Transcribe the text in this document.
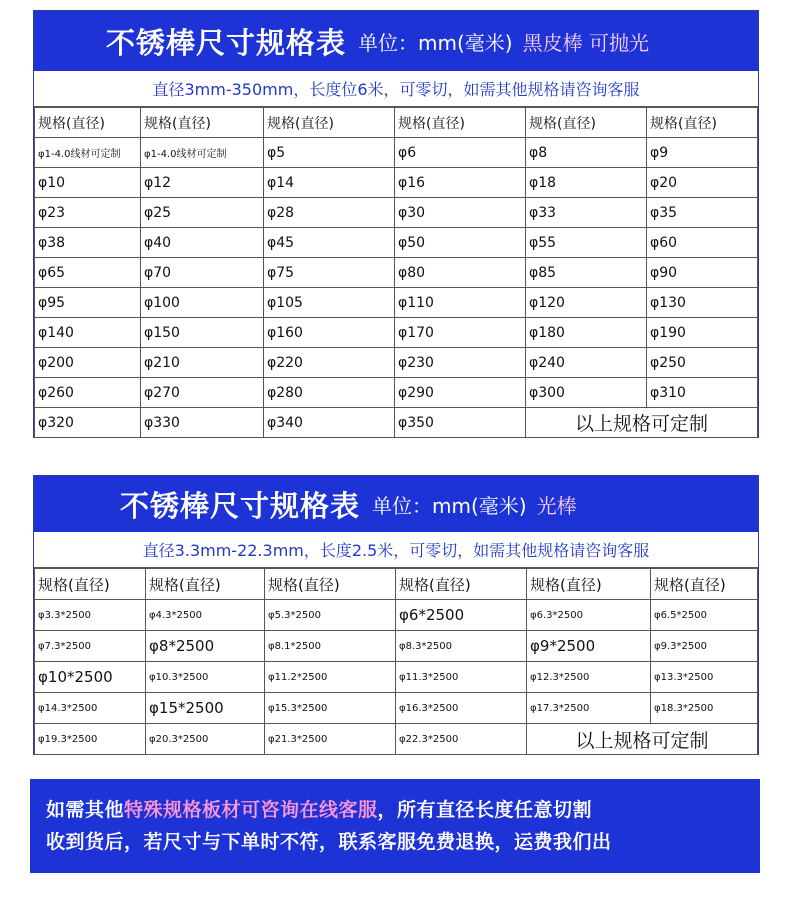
不锈棒尺寸规格表 单位：mm(毫米) 黑皮棒 可抛光
直径3mm-350mm，长度位6米，可零切，如需其他规格请咨询客服
规格(直径)	规格(直径)	规格(直径)	规格(直径)	规格(直径)	规格(直径)
φ1-4.0线材可定制	φ1-4.0线材可定制	φ5	φ6	φ8	φ9
φ10	φ12	φ14	φ16	φ18	φ20
φ23	φ25	φ28	φ30	φ33	φ35
φ38	φ40	φ45	φ50	φ55	φ60
φ65	φ70	φ75	φ80	φ85	φ90
φ95	φ100	φ105	φ110	φ120	φ130
φ140	φ150	φ160	φ170	φ180	φ190
φ200	φ210	φ220	φ230	φ240	φ250
φ260	φ270	φ280	φ290	φ300	φ310
φ320	φ330	φ340	φ350	以上规格可定制	
不锈棒尺寸规格表 单位：mm(毫米) 光棒
直径3.3mm-22.3mm，长度2.5米，可零切，如需其他规格请咨询客服
规格(直径)	规格(直径)	规格(直径)	规格(直径)	规格(直径)	规格(直径)
φ3.3*2500	φ4.3*2500	φ5.3*2500	φ6*2500	φ6.3*2500	φ6.5*2500
φ7.3*2500	φ8*2500	φ8.1*2500	φ8.3*2500	φ9*2500	φ9.3*2500
φ10*2500	φ10.3*2500	φ11.2*2500	φ11.3*2500	φ12.3*2500	φ13.3*2500
φ14.3*2500	φ15*2500	φ15.3*2500	φ16.3*2500	φ17.3*2500	φ18.3*2500
φ19.3*2500	φ20.3*2500	φ21.3*2500	φ22.3*2500	以上规格可定制	
如需其他特殊规格板材可咨询在线客服，所有直径长度任意切割
收到货后，若尺寸与下单时不符，联系客服免费退换，运费我们出
